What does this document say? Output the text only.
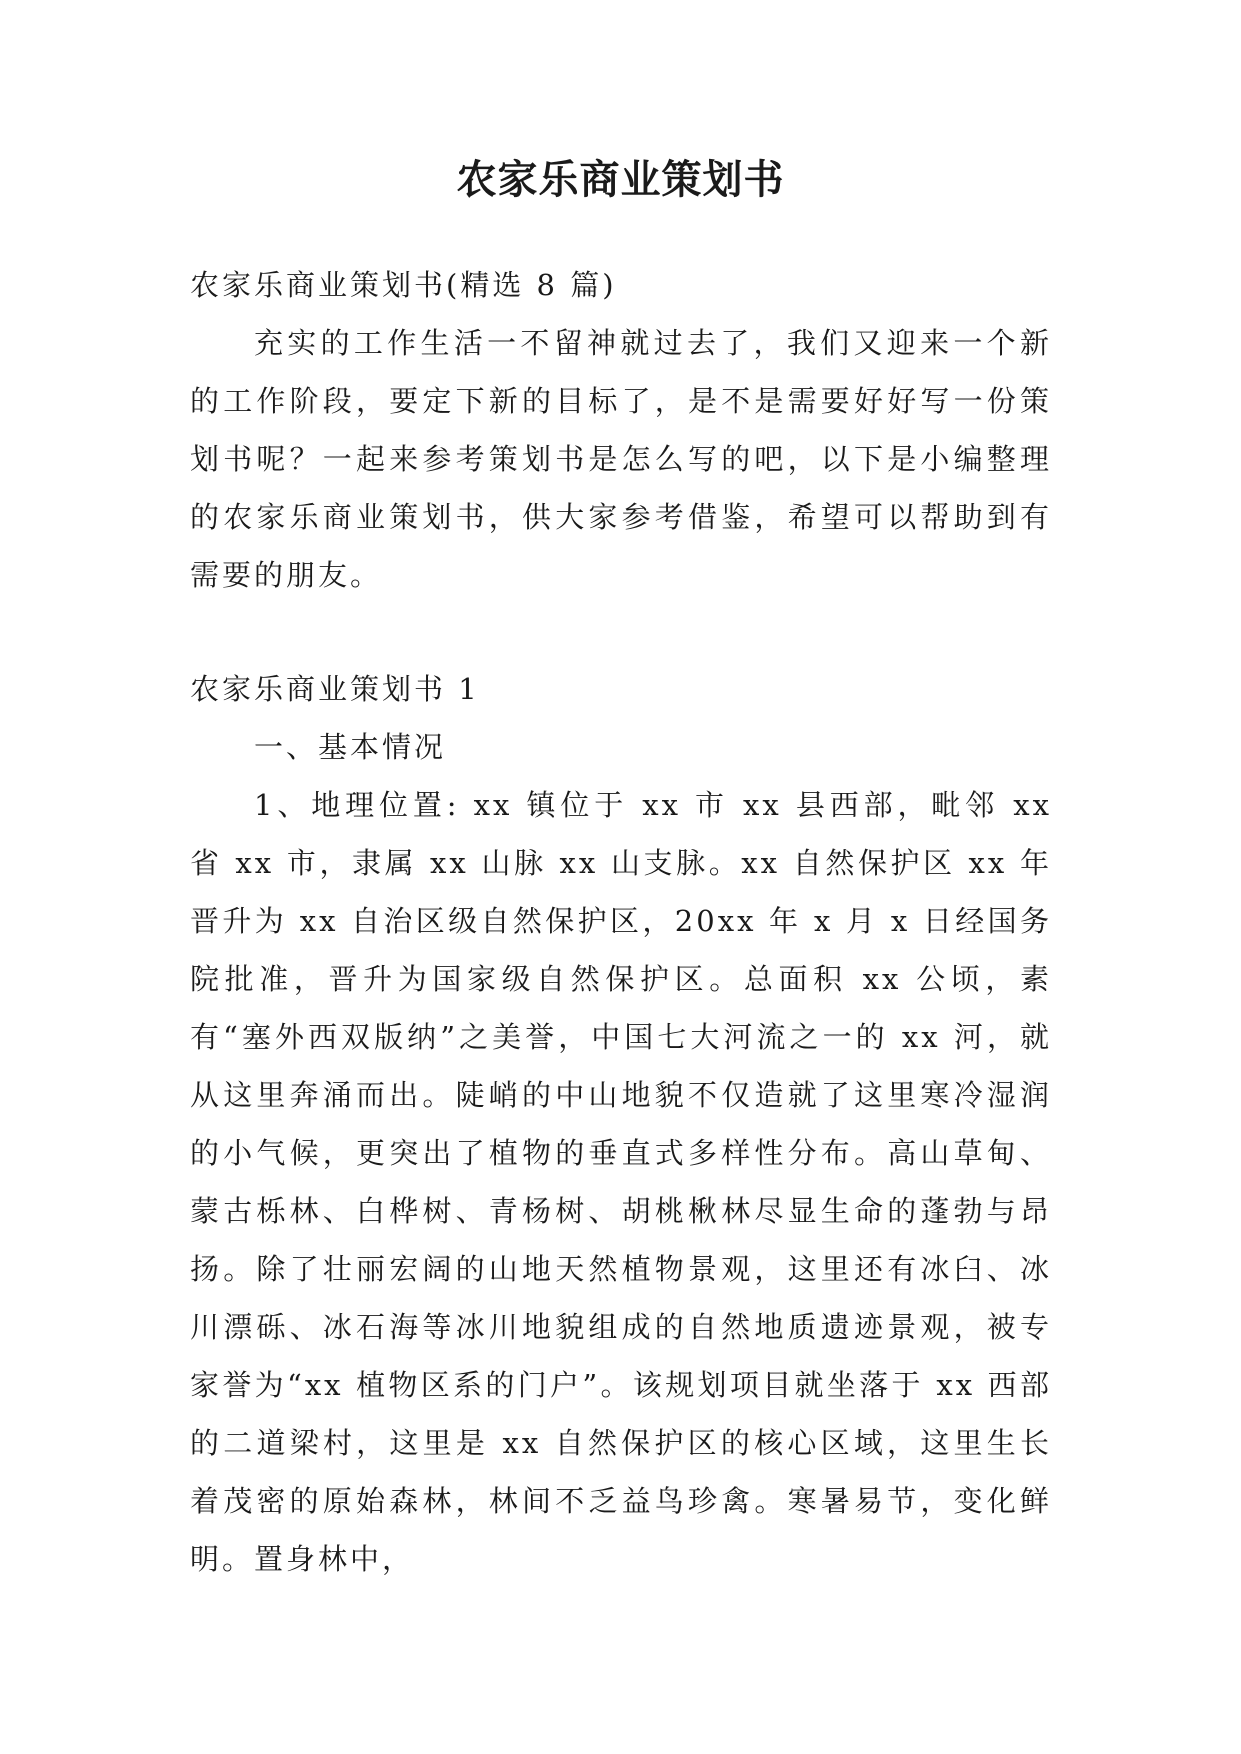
农家乐商业策划书

农家乐商业策划书(精选 8 篇)

充实的工作生活一不留神就过去了，我们又迎来一个新的工作阶段，要定下新的目标了，是不是需要好好写一份策划书呢？一起来参考策划书是怎么写的吧，以下是小编整理的农家乐商业策划书，供大家参考借鉴，希望可以帮助到有需要的朋友。

农家乐商业策划书 1

一、基本情况

1、地理位置: xx 镇位于 xx 市 xx 县西部，毗邻 xx 省 xx 市，隶属 xx 山脉 xx 山支脉。xx 自然保护区 xx 年晋升为 xx 自治区级自然保护区，20xx 年 x 月 x 日经国务院批准，晋升为国家级自然保护区。总面积 xx 公顷，素有“塞外西双版纳”之美誉，中国七大河流之一的 xx 河，就从这里奔涌而出。陡峭的中山地貌不仅造就了这里寒冷湿润的小气候，更突出了植物的垂直式多样性分布。高山草甸、蒙古栎林、白桦树、青杨树、胡桃楸林尽显生命的蓬勃与昂扬。除了壮丽宏阔的山地天然植物景观，这里还有冰臼、冰川漂砾、冰石海等冰川地貌组成的自然地质遗迹景观，被专家誉为“xx 植物区系的门户”。该规划项目就坐落于 xx 西部的二道梁村，这里是 xx 自然保护区的核心区域，这里生长着茂密的原始森林，林间不乏益鸟珍禽。寒暑易节，变化鲜明。置身林中，
